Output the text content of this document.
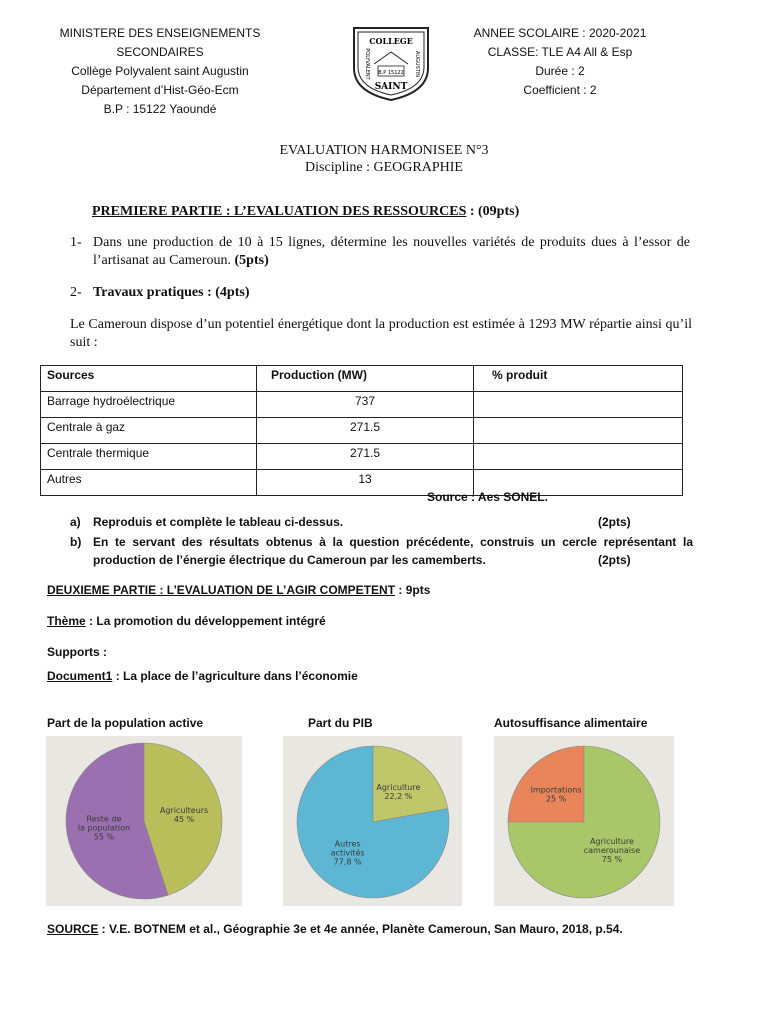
MINISTERE DES ENSEIGNEMENTS SECONDAIRES
Collège Polyvalent saint Augustin
Département d’Hist-Géo-Ecm
B.P : 15122 Yaoundé
COLLEGE
POLYVALENT	AUGUSTIN
B.P 15122
SAINT
ANNEE SCOLAIRE : 2020-2021
CLASSE: TLE A4 All & Esp
Durée : 2
Coefficient : 2
EVALUATION HARMONISEE N°3
Discipline : GEOGRAPHIE
PREMIERE PARTIE : L’EVALUATION DES RESSOURCES : (09pts)
1- Dans une production de 10 à 15 lignes, détermine les nouvelles variétés de produits dues à l’essor de l’artisanat au Cameroun. (5pts)
2- Travaux pratiques : (4pts)
Le Cameroun dispose d’un potentiel énergétique dont la production est estimée à 1293 MW répartie ainsi qu’il suit :
Sources	Production (MW)	% produit
Barrage hydroélectrique	737	
Centrale à gaz	271.5	
Centrale thermique	271.5	
Autres	13	
Source : Aes SONEL.
a) Reproduis et complète le tableau ci-dessus.	(2pts)
b) En te servant des résultats obtenus à la question précédente, construis un cercle représentant la production de l’énergie électrique du Cameroun par les camemberts.	(2pts)
DEUXIEME PARTIE : L’EVALUATION DE L’AGIR COMPETENT : 9pts
Thème : La promotion du développement intégré
Supports :
Document1 : La place de l’agriculture dans l’économie
Part de la population active	Part du PIB	Autosuffisance alimentaire
Agriculteurs
45 %
Reste de
la population
55 %
Agriculture
22,2 %
Autres
activités
77,8 %
Importations
25 %
Agriculture
camerounaise
75 %
SOURCE : V.E. BOTNEM et al., Géographie 3e et 4e année, Planète Cameroun, San Mauro, 2018, p.54.
